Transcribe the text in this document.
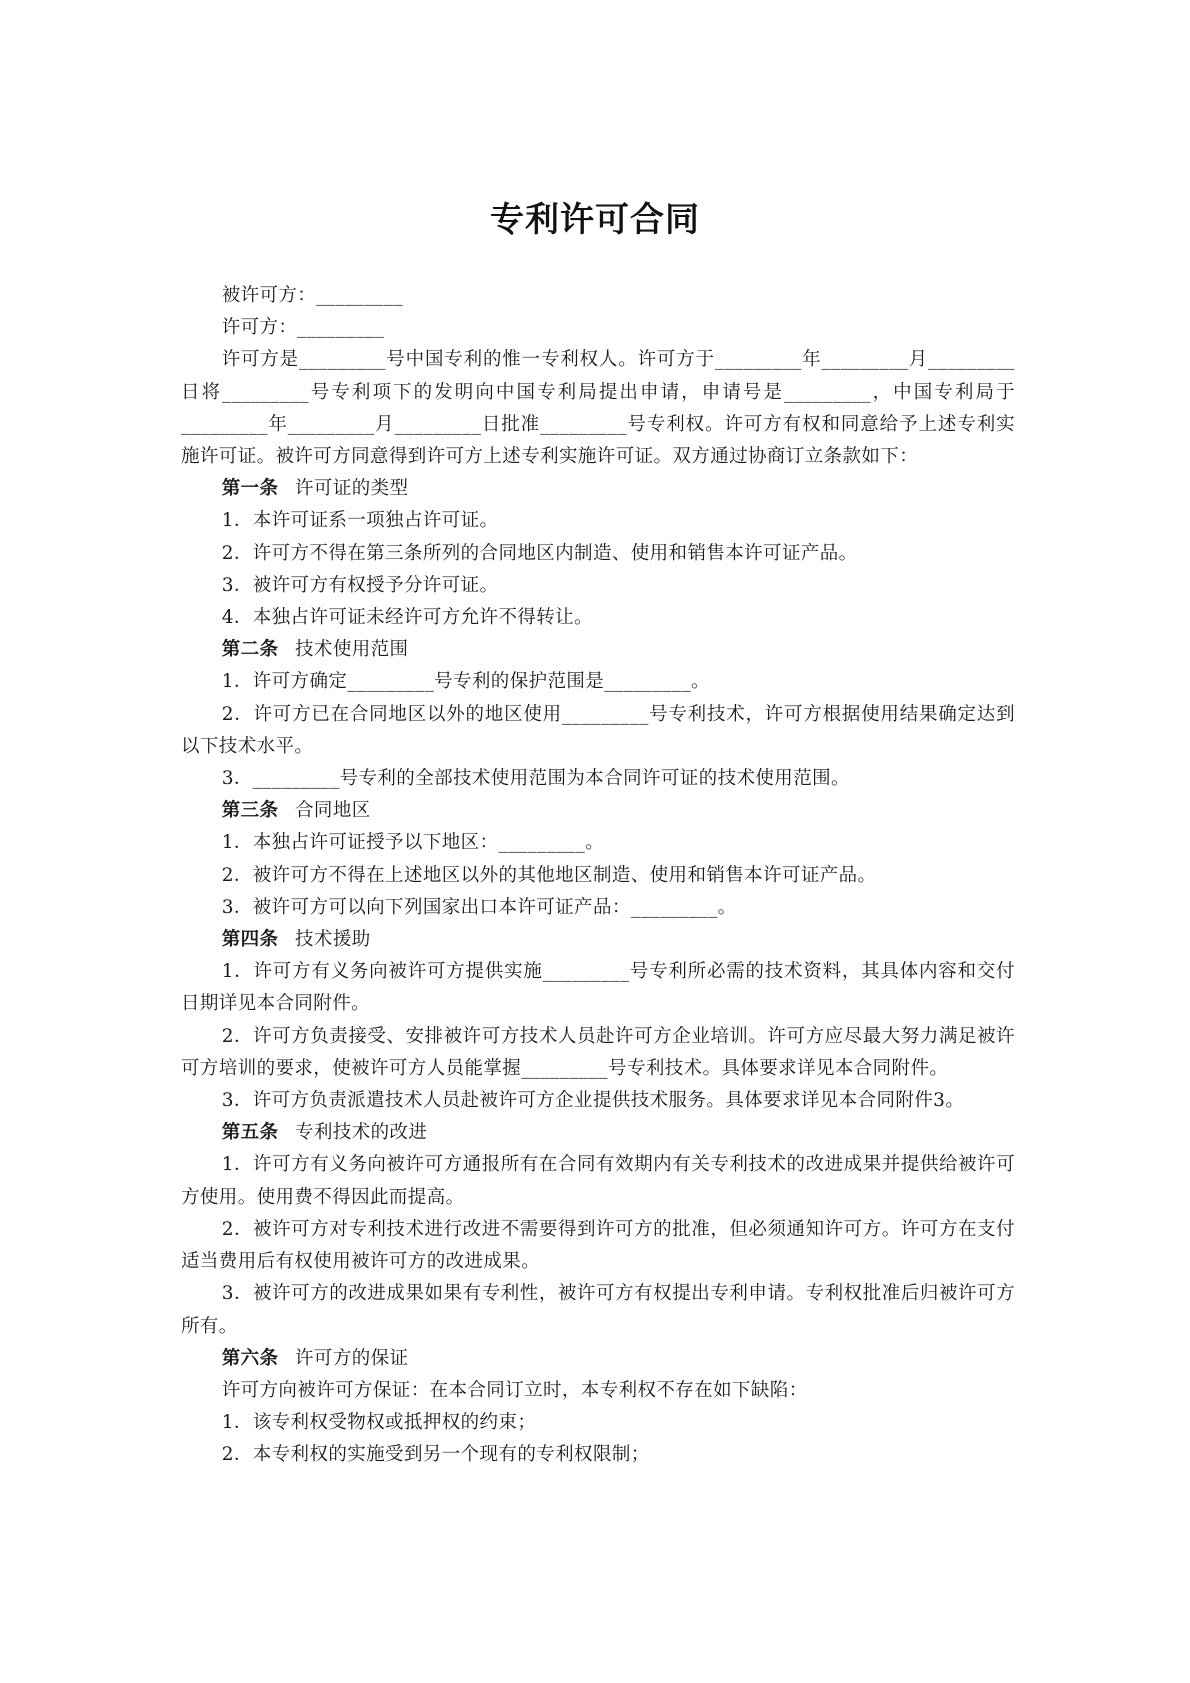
专利许可合同

被许可方：_________

许可方：_________

许可方是_________号中国专利的惟一专利权人。许可方于_________年_________月_________日将_________号专利项下的发明向中国专利局提出申请，申请号是_________，中国专利局于_________年_________月_________日批准_________号专利权。许可方有权和同意给予上述专利实施许可证。被许可方同意得到许可方上述专利实施许可证。双方通过协商订立条款如下：

第一条 许可证的类型

1．本许可证系一项独占许可证。

2．许可方不得在第三条所列的合同地区内制造、使用和销售本许可证产品。

3．被许可方有权授予分许可证。

4．本独占许可证未经许可方允许不得转让。

第二条 技术使用范围

1．许可方确定_________号专利的保护范围是_________。

2．许可方已在合同地区以外的地区使用_________号专利技术，许可方根据使用结果确定达到以下技术水平。

3．_________号专利的全部技术使用范围为本合同许可证的技术使用范围。

第三条 合同地区

1．本独占许可证授予以下地区：_________。

2．被许可方不得在上述地区以外的其他地区制造、使用和销售本许可证产品。

3．被许可方可以向下列国家出口本许可证产品：_________。

第四条 技术援助

1．许可方有义务向被许可方提供实施_________号专利所必需的技术资料，其具体内容和交付日期详见本合同附件。

2．许可方负责接受、安排被许可方技术人员赴许可方企业培训。许可方应尽最大努力满足被许可方培训的要求，使被许可方人员能掌握_________号专利技术。具体要求详见本合同附件。

3．许可方负责派遣技术人员赴被许可方企业提供技术服务。具体要求详见本合同附件3。

第五条 专利技术的改进

1．许可方有义务向被许可方通报所有在合同有效期内有关专利技术的改进成果并提供给被许可方使用。使用费不得因此而提高。

2．被许可方对专利技术进行改进不需要得到许可方的批准，但必须通知许可方。许可方在支付适当费用后有权使用被许可方的改进成果。

3．被许可方的改进成果如果有专利性，被许可方有权提出专利申请。专利权批准后归被许可方所有。

第六条 许可方的保证

许可方向被许可方保证：在本合同订立时，本专利权不存在如下缺陷：

1．该专利权受物权或抵押权的约束；

2．本专利权的实施受到另一个现有的专利权限制；
